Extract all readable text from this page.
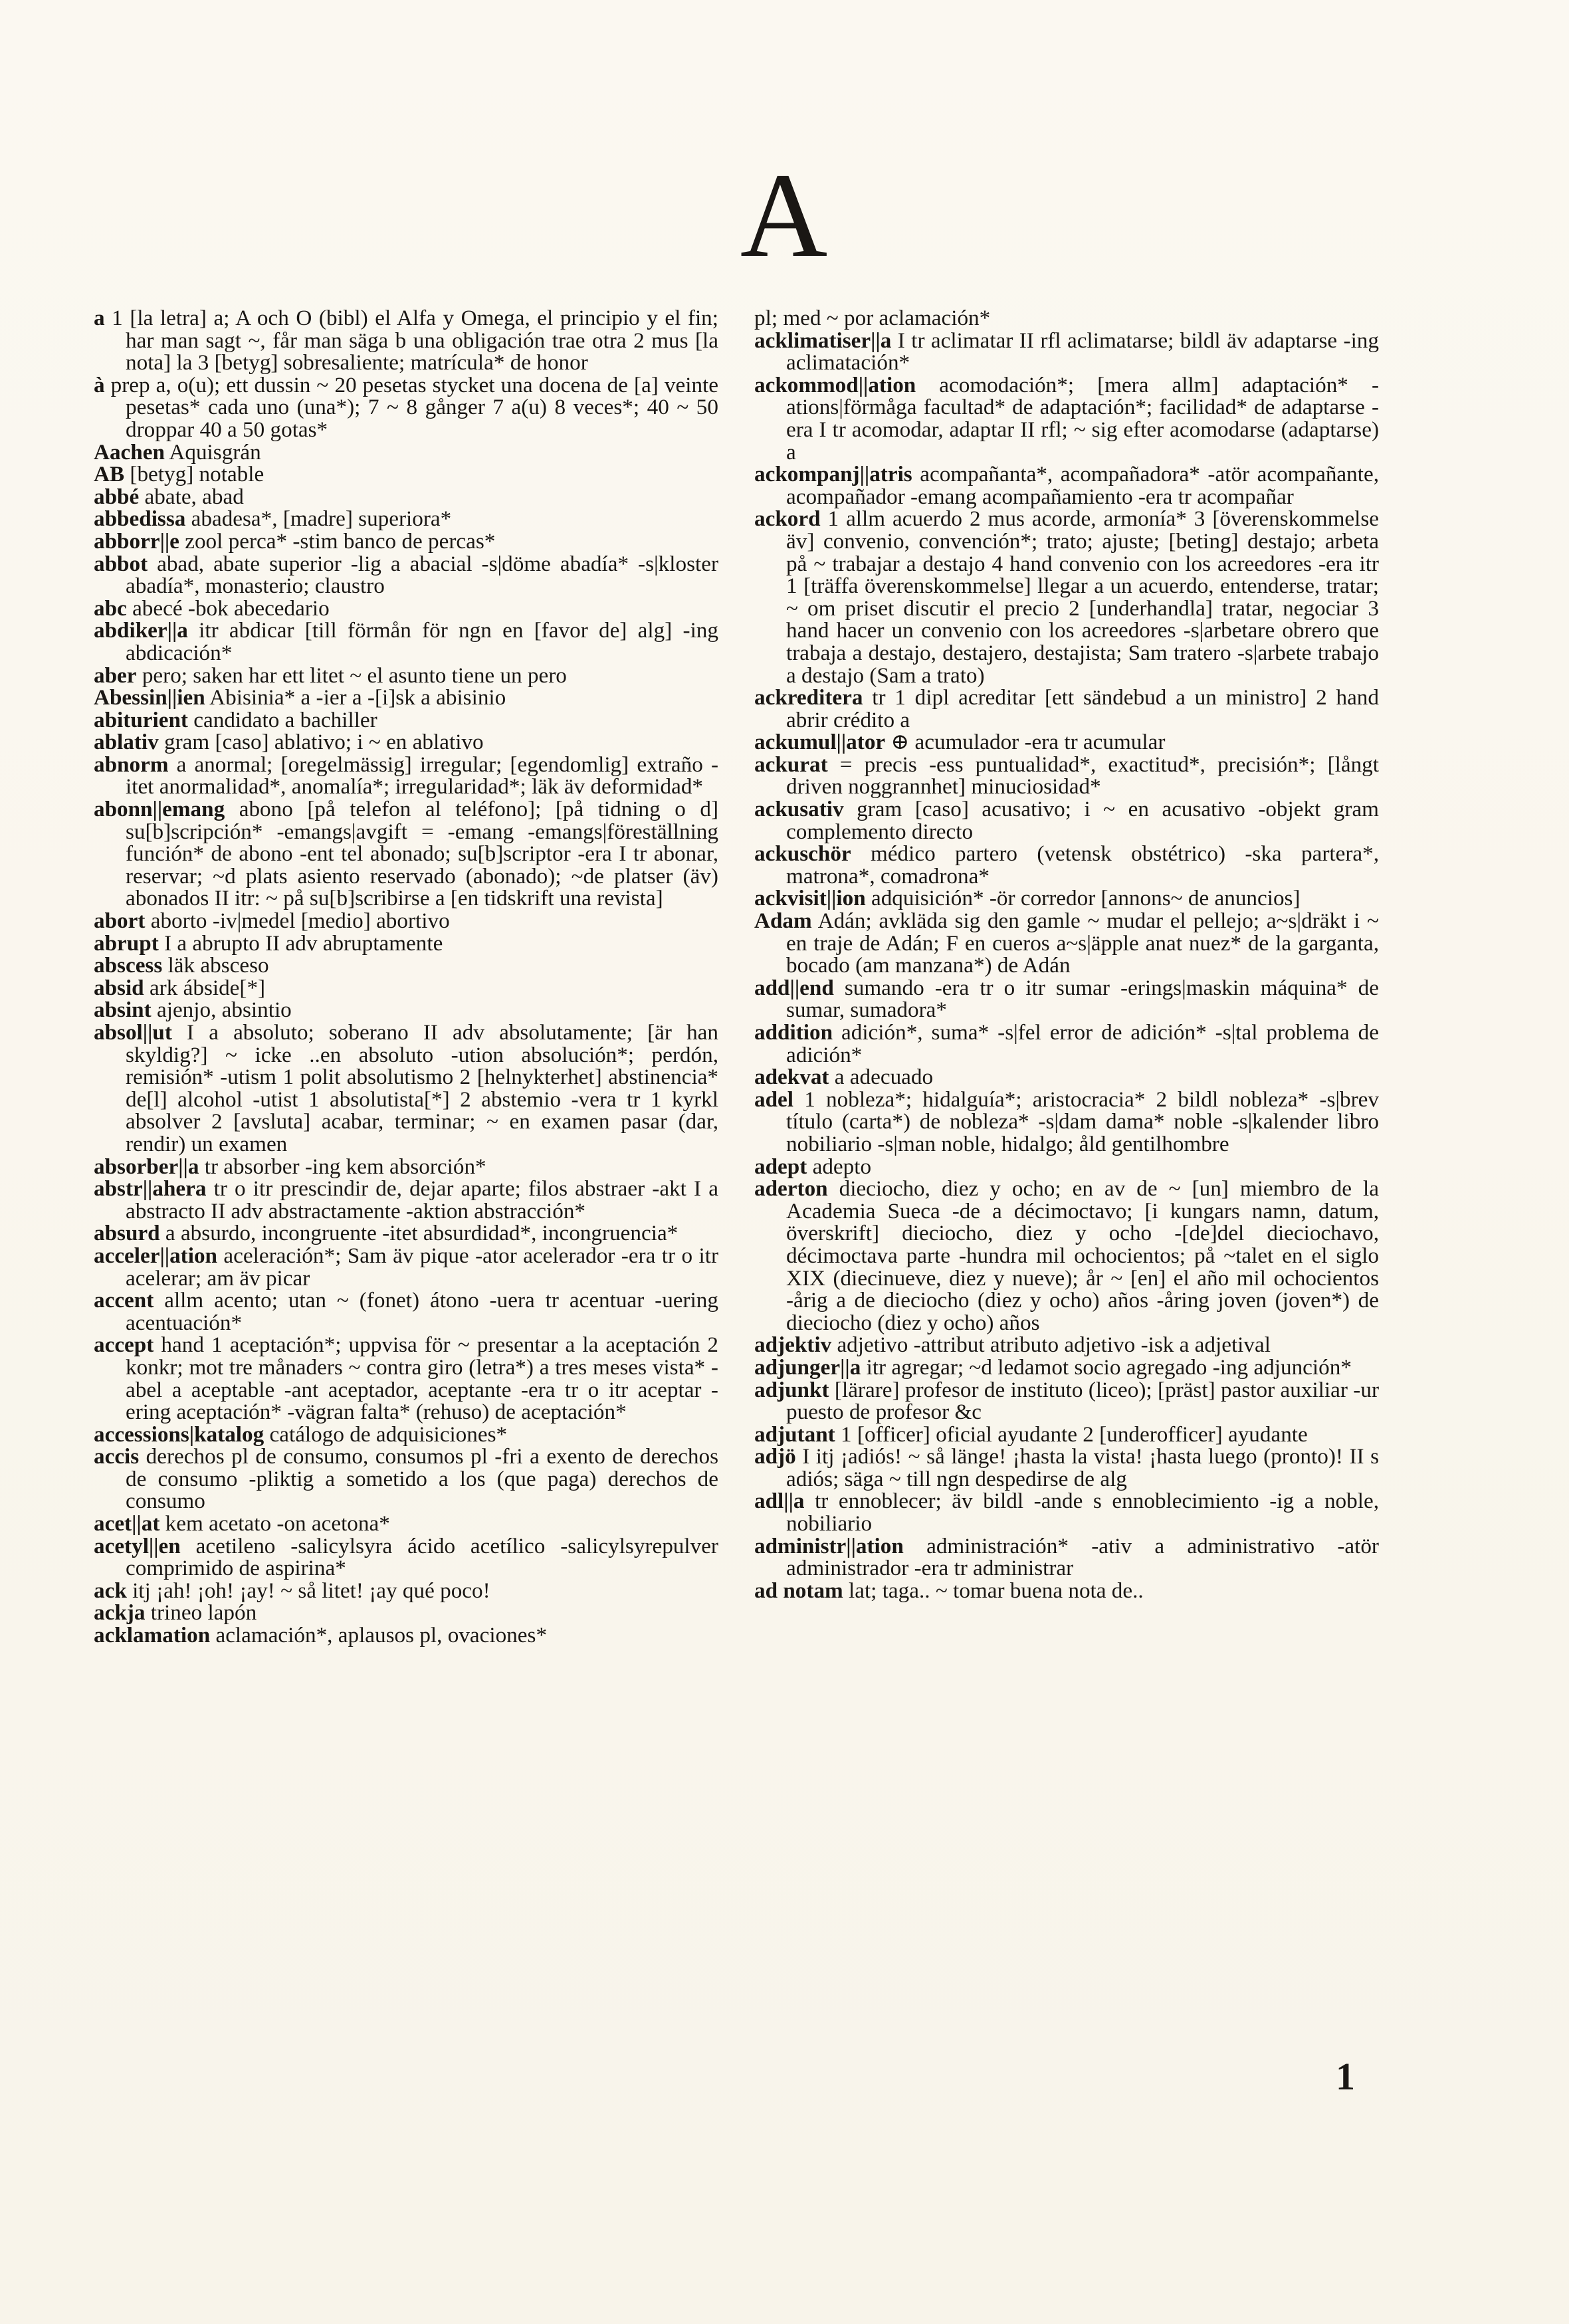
A

a 1 [la letra] a; A och O (bibl) el Alfa y Omega, el principio y el fin; har man sagt ~, får man säga b una obligación trae otra 2 mus [la nota] la 3 [betyg] sobresaliente; matrícula* de honor

à prep a, o(u); ett dussin ~ 20 pesetas stycket una docena de [a] veinte pesetas* cada uno (una*); 7 ~ 8 gånger 7 a(u) 8 veces*; 40 ~ 50 droppar 40 a 50 gotas*

Aachen Aquisgrán

AB [betyg] notable

abbé abate, abad

abbedissa abadesa*, [madre] superiora*

abborr||e zool perca* -stim banco de percas*

abbot abad, abate superior -lig a abacial -s|döme abadía* -s|kloster abadía*, monasterio; claustro

abc abecé -bok abecedario

abdiker||a itr abdicar [till förmån för ngn en [favor de] alg] -ing abdicación*

aber pero; saken har ett litet ~ el asunto tiene un pero

Abessin||ien Abisinia* a -ier a -[i]sk a abisinio

abiturient candidato a bachiller

ablativ gram [caso] ablativo; i ~ en ablativo

abnorm a anormal; [oregelmässig] irregular; [egendomlig] extraño -itet anormalidad*, anomalía*; irregularidad*; läk äv deformidad*

abonn||emang abono [på telefon al teléfono]; [på tidning o d] su[b]scripción* -emangs|avgift = -emang -emangs|föreställning función* de abono -ent tel abonado; su[b]scriptor -era I tr abonar, reservar; ~d plats asiento reservado (abonado); ~de platser (äv) abonados II itr: ~ på su[b]scribirse a [en tidskrift una revista]

abort aborto -iv|medel [medio] abortivo

abrupt I a abrupto II adv abruptamente

abscess läk absceso

absid ark ábside[*]

absint ajenjo, absintio

absol||ut I a absoluto; soberano II adv absolutamente; [är han skyldig?] ~ icke ..en absoluto -ution absolución*; perdón, remisión* -utism 1 polit absolutismo 2 [helnykterhet] abstinencia* de[l] alcohol -utist 1 absolutista[*] 2 abstemio -vera tr 1 kyrkl absolver 2 [avsluta] acabar, terminar; ~ en examen pasar (dar, rendir) un examen

absorber||a tr absorber -ing kem absorción*

abstr||ahera tr o itr prescindir de, dejar aparte; filos abstraer -akt I a abstracto II adv abstractamente -aktion abstracción*

absurd a absurdo, incongruente -itet absurdidad*, incongruencia*

acceler||ation aceleración*; Sam äv pique -ator acelerador -era tr o itr acelerar; am äv picar

accent allm acento; utan ~ (fonet) átono -uera tr acentuar -uering acentuación*

accept hand 1 aceptación*; uppvisa för ~ presentar a la aceptación 2 konkr; mot tre månaders ~ contra giro (letra*) a tres meses vista* -abel a aceptable -ant aceptador, aceptante -era tr o itr aceptar -ering aceptación* -vägran falta* (rehuso) de aceptación*

accessions|katalog catálogo de adquisiciones*

accis derechos pl de consumo, consumos pl -fri a exento de derechos de consumo -pliktig a sometido a los (que paga) derechos de consumo

acet||at kem acetato -on acetona*

acetyl||en acetileno -salicylsyra ácido acetílico -salicylsyrepulver comprimido de aspirina*

ack itj ¡ah! ¡oh! ¡ay! ~ så litet! ¡ay qué poco!

ackja trineo lapón

acklamation aclamación*, aplausos pl, ovaciones*

pl; med ~ por aclamación*

acklimatiser||a I tr aclimatar II rfl aclimatarse; bildl äv adaptarse -ing aclimatación*

ackommod||ation acomodación*; [mera allm] adaptación* -ations|förmåga facultad* de adaptación*; facilidad* de adaptarse -era I tr acomodar, adaptar II rfl; ~ sig efter acomodarse (adaptarse) a

ackompanj||atris acompañanta*, acompañadora* -atör acompañante, acompañador -emang acompañamiento -era tr acompañar

ackord 1 allm acuerdo 2 mus acorde, armonía* 3 [överenskommelse äv] convenio, convención*; trato; ajuste; [beting] destajo; arbeta på ~ trabajar a destajo 4 hand convenio con los acreedores -era itr 1 [träffa överenskommelse] llegar a un acuerdo, entenderse, tratar; ~ om priset discutir el precio 2 [underhandla] tratar, negociar 3 hand hacer un convenio con los acreedores -s|arbetare obrero que trabaja a destajo, destajero, destajista; Sam tratero -s|arbete trabajo a destajo (Sam a trato)

ackreditera tr 1 dipl acreditar [ett sändebud a un ministro] 2 hand abrir crédito a

ackumul||ator ⊕ acumulador -era tr acumular

ackurat = precis -ess puntualidad*, exactitud*, precisión*; [långt driven noggrannhet] minuciosidad*

ackusativ gram [caso] acusativo; i ~ en acusativo -objekt gram complemento directo

ackuschör médico partero (vetensk obstétrico) -ska partera*, matrona*, comadrona*

ackvisit||ion adquisición* -ör corredor [annons~ de anuncios]

Adam Adán; avkläda sig den gamle ~ mudar el pellejo; a~s|dräkt i ~ en traje de Adán; F en cueros a~s|äpple anat nuez* de la garganta, bocado (am manzana*) de Adán

add||end sumando -era tr o itr sumar -erings|maskin máquina* de sumar, sumadora*

addition adición*, suma* -s|fel error de adición* -s|tal problema de adición*

adekvat a adecuado

adel 1 nobleza*; hidalguía*; aristocracia* 2 bildl nobleza* -s|brev título (carta*) de nobleza* -s|dam dama* noble -s|kalender libro nobiliario -s|man noble, hidalgo; åld gentilhombre

adept adepto

aderton dieciocho, diez y ocho; en av de ~ [un] miembro de la Academia Sueca -de a décimoctavo; [i kungars namn, datum, överskrift] dieciocho, diez y ocho -[de]del dieciochavo, décimoctava parte -hundra mil ochocientos; på ~talet en el siglo XIX (diecinueve, diez y nueve); år ~ [en] el año mil ochocientos -årig a de dieciocho (diez y ocho) años -åring joven (joven*) de dieciocho (diez y ocho) años

adjektiv adjetivo -attribut atributo adjetivo -isk a adjetival

adjunger||a itr agregar; ~d ledamot socio agregado -ing adjunción*

adjunkt [lärare] profesor de instituto (liceo); [präst] pastor auxiliar -ur puesto de profesor &c

adjutant 1 [officer] oficial ayudante 2 [underofficer] ayudante

adjö I itj ¡adiós! ~ så länge! ¡hasta la vista! ¡hasta luego (pronto)! II s adiós; säga ~ till ngn despedirse de alg

adl||a tr ennoblecer; äv bildl -ande s ennoblecimiento -ig a noble, nobiliario

administr||ation administración* -ativ a administrativo -atör administrador -era tr administrar

ad notam lat; taga.. ~ tomar buena nota de..

1
